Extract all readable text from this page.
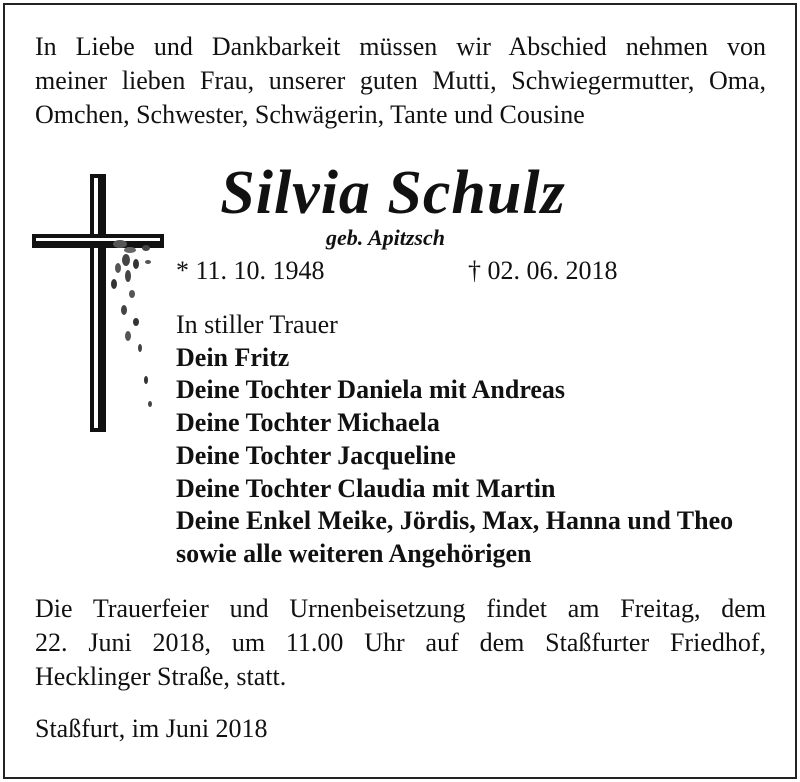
In Liebe und Dankbarkeit müssen wir Abschied nehmen von
meiner lieben Frau, unserer guten Mutti, Schwiegermutter, Oma,
Omchen, Schwester, Schwägerin, Tante und Cousine
Silvia Schulz
geb. Apitzsch
* 11. 10. 1948	† 02. 06. 2018
In stiller Trauer
Dein Fritz
Deine Tochter Daniela mit Andreas
Deine Tochter Michaela
Deine Tochter Jacqueline
Deine Tochter Claudia mit Martin
Deine Enkel Meike, Jördis, Max, Hanna und Theo
sowie alle weiteren Angehörigen
Die Trauerfeier und Urnenbeisetzung findet am Freitag, dem
22. Juni 2018, um 11.00 Uhr auf dem Staßfurter Friedhof,
Hecklinger Straße, statt.
Staßfurt, im Juni 2018
